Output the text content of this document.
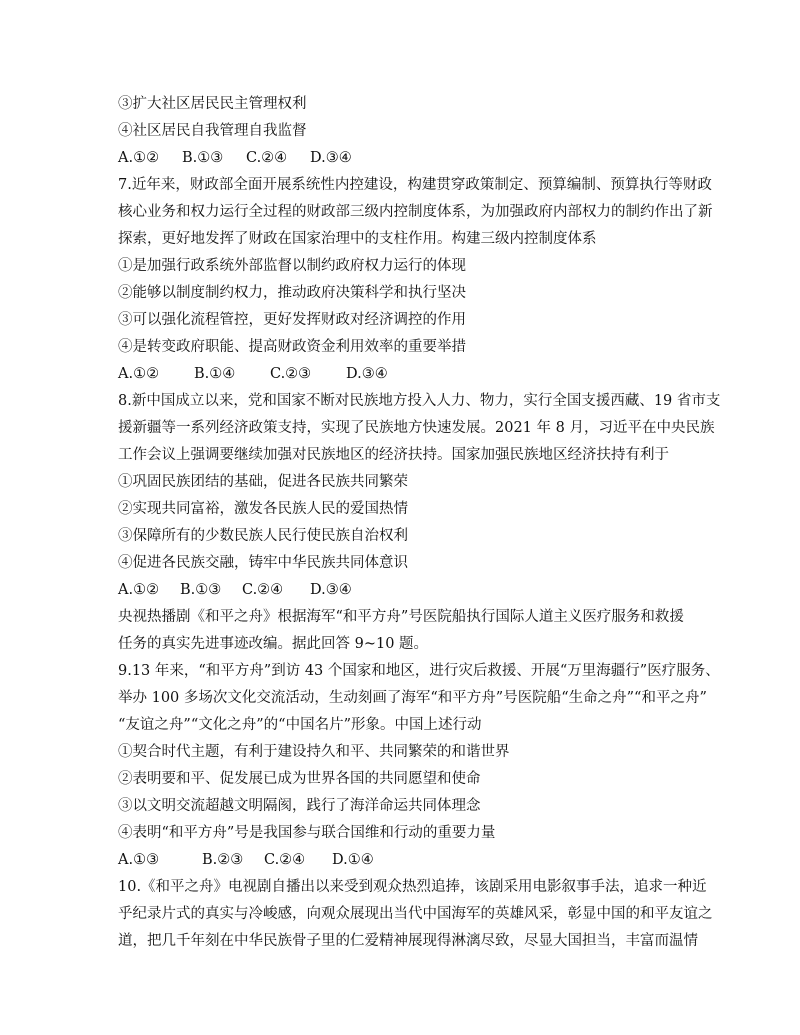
③扩大社区居民民主管理权利
④社区居民自我管理自我监督
A.①② B.①③ C.②④ D.③④
7.近年来，财政部全面开展系统性内控建设，构建贯穿政策制定、预算编制、预算执行等财政
核心业务和权力运行全过程的财政部三级内控制度体系，为加强政府内部权力的制约作出了新
探索，更好地发挥了财政在国家治理中的支柱作用。构建三级内控制度体系
①是加强行政系统外部监督以制约政府权力运行的体现
②能够以制度制约权力，推动政府决策科学和执行坚决
③可以强化流程管控，更好发挥财政对经济调控的作用
④是转变政府职能、提高财政资金利用效率的重要举措
A.①② B.①④ C.②③ D.③④
8.新中国成立以来，党和国家不断对民族地方投入人力、物力，实行全国支援西藏、19 省市支
援新疆等一系列经济政策支持，实现了民族地方快速发展。2021 年 8 月，习近平在中央民族
工作会议上强调要继续加强对民族地区的经济扶持。国家加强民族地区经济扶持有利于
①巩固民族团结的基础，促进各民族共同繁荣
②实现共同富裕，激发各民族人民的爱国热情
③保障所有的少数民族人民行使民族自治权利
④促进各民族交融，铸牢中华民族共同体意识
A.①② B.①③ C.②④ D.③④
央视热播剧《和平之舟》根据海军“和平方舟”号医院船执行国际人道主义医疗服务和救援
任务的真实先进事迹改编。据此回答 9~10 题。
9.13 年来，“和平方舟”到访 43 个国家和地区，进行灾后救援、开展“万里海疆行”医疗服务、
举办 100 多场次文化交流活动，生动刻画了海军“和平方舟”号医院船“生命之舟”“和平之舟”
“友谊之舟”“文化之舟”的“中国名片”形象。中国上述行动
①契合时代主题，有利于建设持久和平、共同繁荣的和谐世界
②表明要和平、促发展已成为世界各国的共同愿望和使命
③以文明交流超越文明隔阂，践行了海洋命运共同体理念
④表明“和平方舟”号是我国参与联合国维和行动的重要力量
A.①③	B.②③ C.②④ D.①④
10.《和平之舟》电视剧自播出以来受到观众热烈追捧，该剧采用电影叙事手法，追求一种近
乎纪录片式的真实与冷峻感，向观众展现出当代中国海军的英雄风采，彰显中国的和平友谊之
道，把几千年刻在中华民族骨子里的仁爱精神展现得淋漓尽致，尽显大国担当，丰富而温情
